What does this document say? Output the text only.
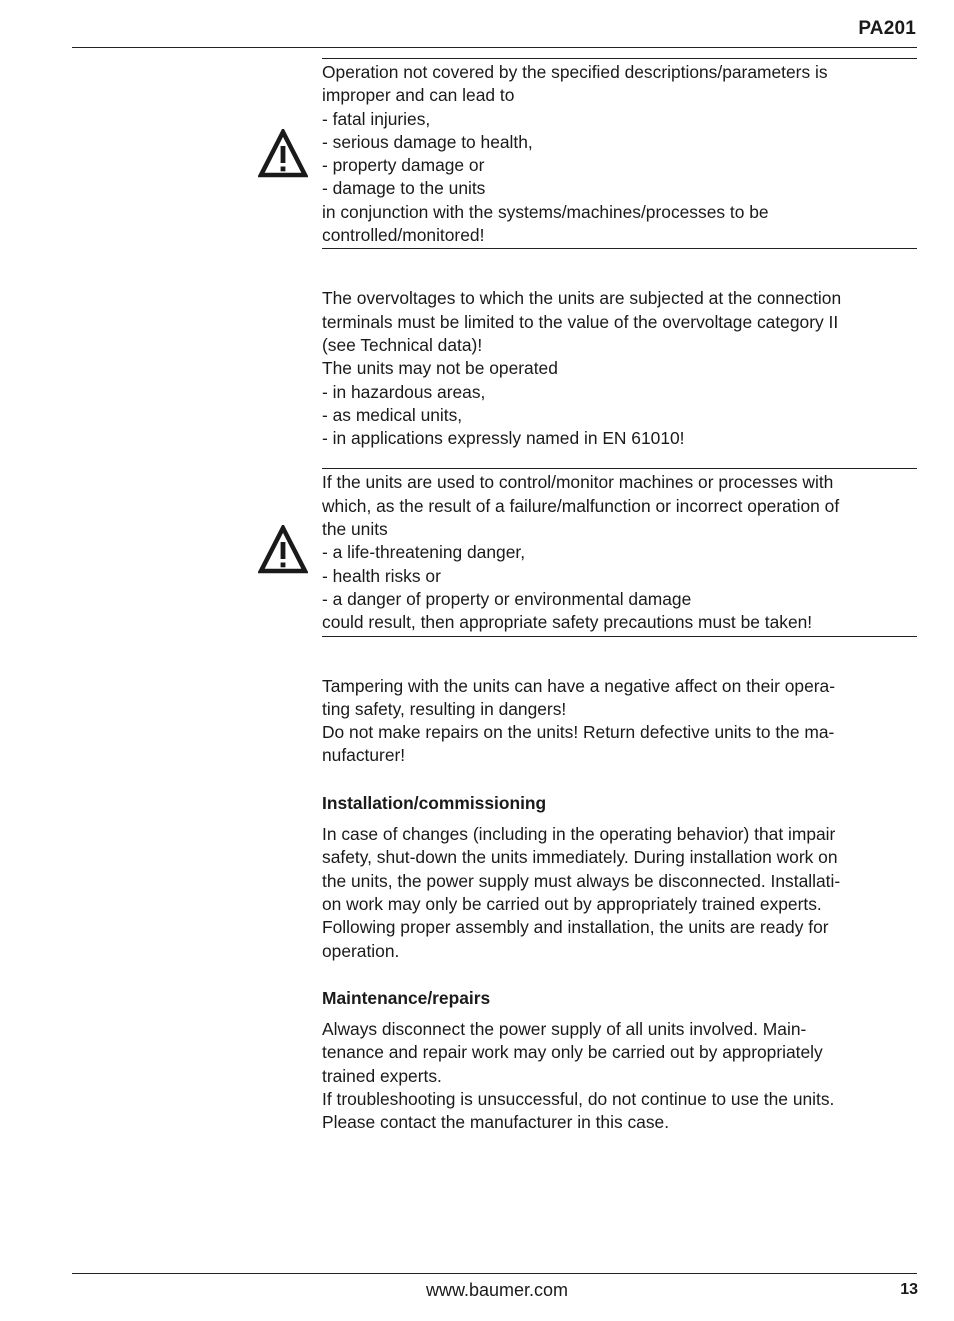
PA201

Operation not covered by the specified descriptions/parameters is
improper and can lead to
- fatal injuries,
- serious damage to health,
- property damage or
- damage to the units
in conjunction with the systems/machines/processes to be
controlled/monitored!

The overvoltages to which the units are subjected at the connection
terminals must be limited to the value of the overvoltage category II
(see Technical data)!
The units may not be operated
- in hazardous areas,
- as medical units,
- in applications expressly named in EN 61010!

If the units are used to control/monitor machines or processes with
which, as the result of a failure/malfunction or incorrect operation of
the units
- a life-threatening danger,
- health risks or
- a danger of property or environmental damage
could result, then appropriate safety precautions must be taken!

Tampering with the units can have a negative affect on their opera-
ting safety, resulting in dangers!
Do not make repairs on the units! Return defective units to the ma-
nufacturer!

Installation/commissioning

In case of changes (including in the operating behavior) that impair
safety, shut-down the units immediately. During installation work on
the units, the power supply must always be disconnected. Installati-
on work may only be carried out by appropriately trained experts.
Following proper assembly and installation, the units are ready for
operation.

Maintenance/repairs

Always disconnect the power supply of all units involved. Main-
tenance and repair work may only be carried out by appropriately
trained experts.
If troubleshooting is unsuccessful, do not continue to use the units.
Please contact the manufacturer in this case.

www.baumer.com	13
